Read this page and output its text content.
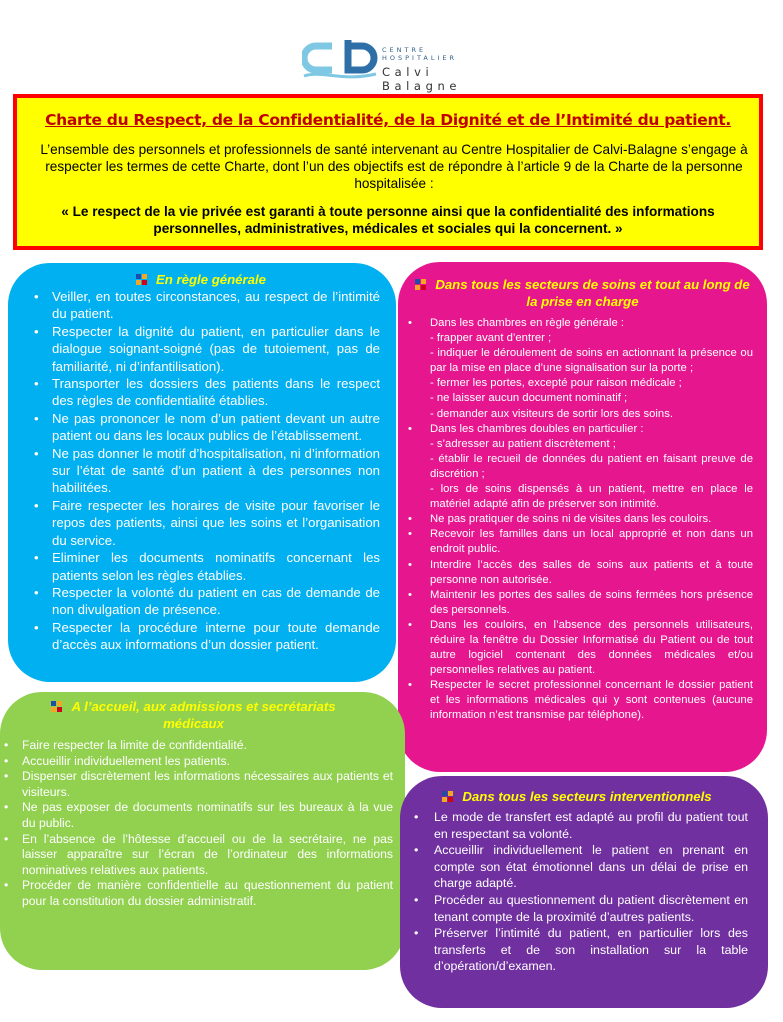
CENTRE
HOSPITALIER
Calvi Balagne
Charte du Respect, de la Confidentialité, de la Dignité et de l’Intimité du patient.
L’ensemble des personnels et professionnels de santé intervenant au Centre Hospitalier de Calvi-Balagne s’engage à respecter les termes de cette Charte, dont l’un des objectifs est de répondre à l’article 9 de la Charte de la personne hospitalisée :
« Le respect de la vie privée est garanti à toute personne ainsi que la confidentialité des informations personnelles, administratives, médicales et sociales qui la concernent. »
En règle générale
• Veiller, en toutes circonstances, au respect de l’intimité du patient.
• Respecter la dignité du patient, en particulier dans le dialogue soignant-soigné (pas de tutoiement, pas de familiarité, ni d’infantilisation).
• Transporter les dossiers des patients dans le respect des règles de confidentialité établies.
• Ne pas prononcer le nom d’un patient devant un autre patient ou dans les locaux publics de l’établissement.
• Ne pas donner le motif d’hospitalisation, ni d’information sur l’état de santé d’un patient à des personnes non habilitées.
• Faire respecter les horaires de visite pour favoriser le repos des patients, ainsi que les soins et l’organisation du service.
• Eliminer les documents nominatifs concernant les patients selon les règles établies.
• Respecter la volonté du patient en cas de demande de non divulgation de présence.
• Respecter la procédure interne pour toute demande d’accès aux informations d’un dossier patient.
Dans tous les secteurs de soins et tout au long de la prise en charge
• Dans les chambres en règle générale :
- frapper avant d’entrer ;
- indiquer le déroulement de soins en actionnant la présence ou par la mise en place d’une signalisation sur la porte ;
- fermer les portes, excepté pour raison médicale ;
- ne laisser aucun document nominatif ;
- demander aux visiteurs de sortir lors des soins.
• Dans les chambres doubles en particulier :
- s’adresser au patient discrètement ;
- établir le recueil de données du patient en faisant preuve de discrétion ;
- lors de soins dispensés à un patient, mettre en place le matériel adapté afin de préserver son intimité.
• Ne pas pratiquer de soins ni de visites dans les couloirs.
• Recevoir les familles dans un local approprié et non dans un endroit public.
• Interdire l’accès des salles de soins aux patients et à toute personne non autorisée.
• Maintenir les portes des salles de soins fermées hors présence des personnels.
• Dans les couloirs, en l’absence des personnels utilisateurs, réduire la fenêtre du Dossier Informatisé du Patient ou de tout autre logiciel contenant des données médicales et/ou personnelles relatives au patient.
• Respecter le secret professionnel concernant le dossier patient et les informations médicales qui y sont contenues (aucune information n’est transmise par téléphone).
A l’accueil, aux admissions et secrétariats médicaux
• Faire respecter la limite de confidentialité.
• Accueillir individuellement les patients.
• Dispenser discrètement les informations nécessaires aux patients et visiteurs.
• Ne pas exposer de documents nominatifs sur les bureaux à la vue du public.
• En l’absence de l’hôtesse d’accueil ou de la secrétaire, ne pas laisser apparaître sur l’écran de l’ordinateur des informations nominatives relatives aux patients.
• Procéder de manière confidentielle au questionnement du patient pour la constitution du dossier administratif.
Dans tous les secteurs interventionnels
• Le mode de transfert est adapté au profil du patient tout en respectant sa volonté.
• Accueillir individuellement le patient en prenant en compte son état émotionnel dans un délai de prise en charge adapté.
• Procéder au questionnement du patient discrètement en tenant compte de la proximité d’autres patients.
• Préserver l’intimité du patient, en particulier lors des transferts et de son installation sur la table d’opération/d’examen.
